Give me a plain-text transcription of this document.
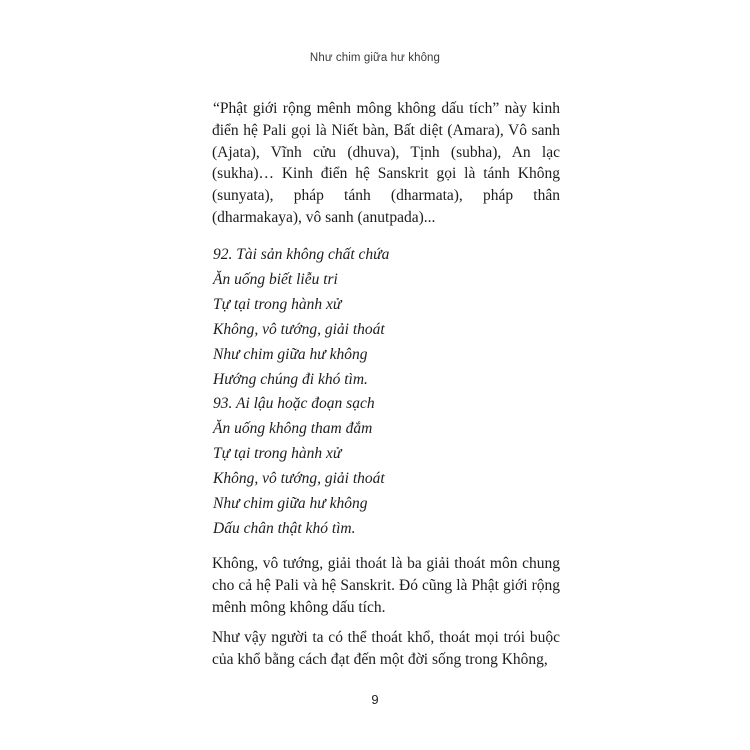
Như chim giữa hư không

“Phật giới rộng mênh mông không dấu tích” này kinh điển hệ Pali gọi là Niết bàn, Bất diệt (Amara), Vô sanh (Ajata), Vĩnh cửu (dhuva), Tịnh (subha), An lạc (sukha)… Kinh điển hệ Sanskrit gọi là tánh Không (sunyata), pháp tánh (dharmata), pháp thân (dharmakaya), vô sanh (anutpada)...

92. Tài sản không chất chứa
Ăn uống biết liễu tri
Tự tại trong hành xử
Không, vô tướng, giải thoát
Như chim giữa hư không
Hướng chúng đi khó tìm.
93. Ai lậu hoặc đoạn sạch
Ăn uống không tham đắm
Tự tại trong hành xử
Không, vô tướng, giải thoát
Như chim giữa hư không
Dấu chân thật khó tìm.

Không, vô tướng, giải thoát là ba giải thoát môn chung cho cả hệ Pali và hệ Sanskrit. Đó cũng là Phật giới rộng mênh mông không dấu tích.

Như vậy người ta có thể thoát khổ, thoát mọi trói buộc của khổ bằng cách đạt đến một đời sống trong Không,

9
